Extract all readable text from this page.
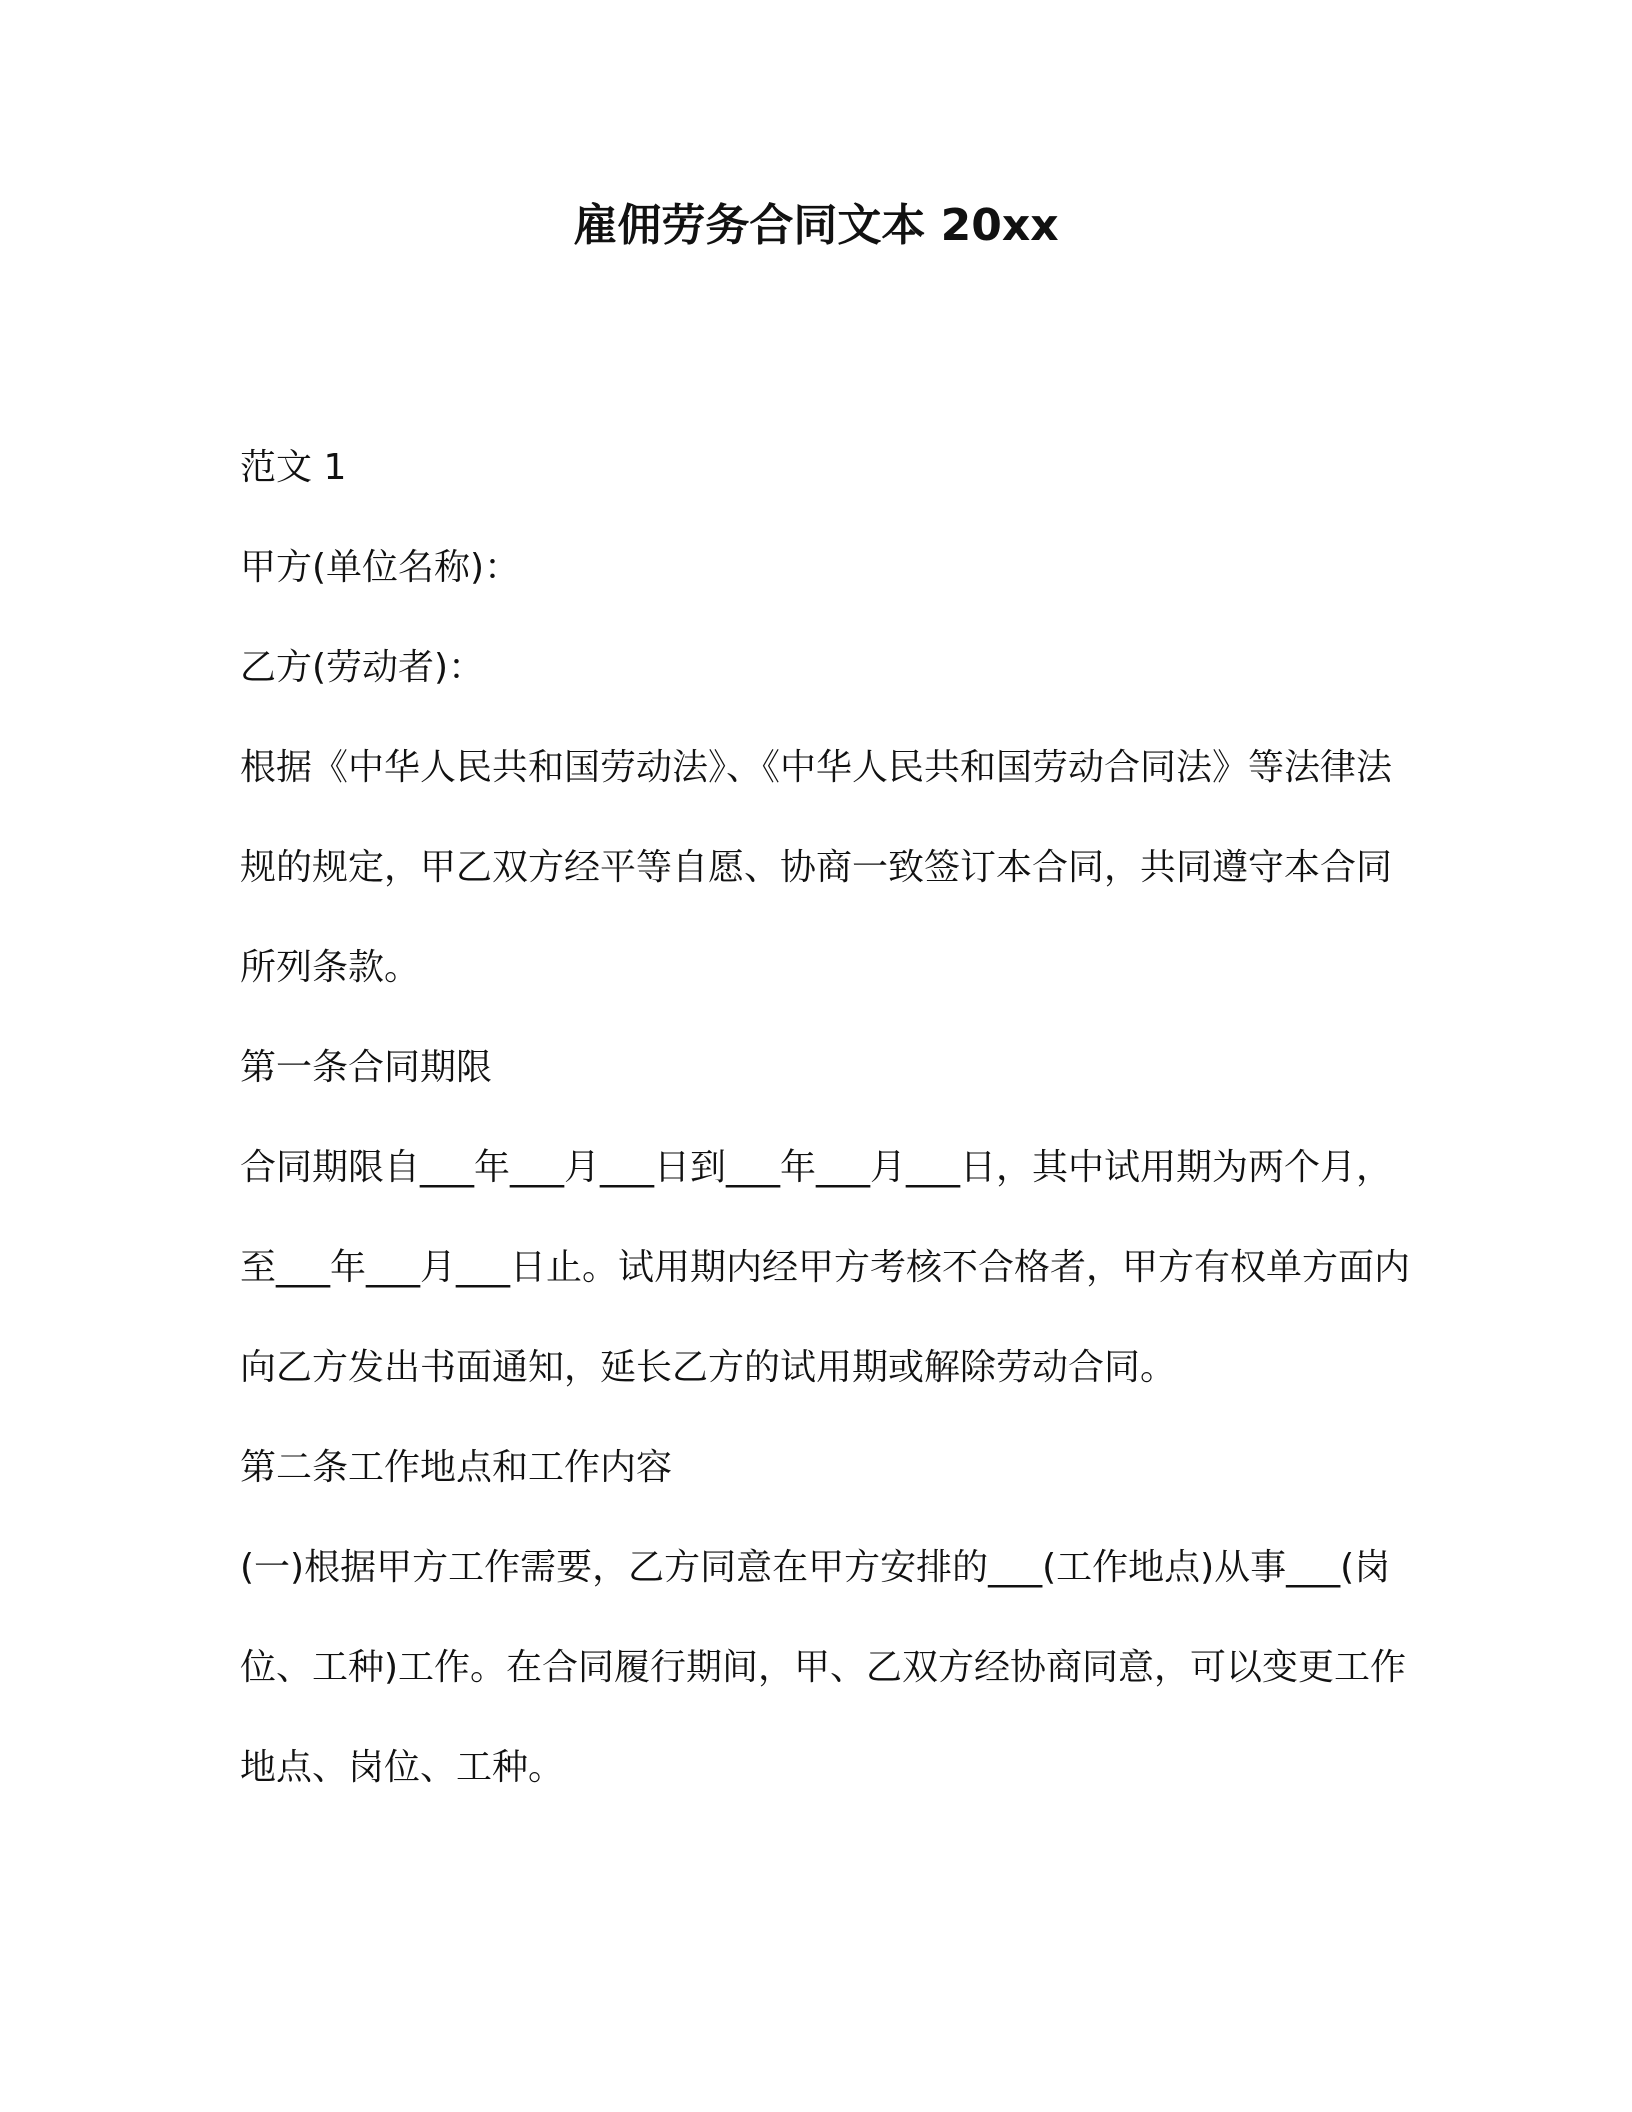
雇佣劳务合同文本 20xx

范文 1

甲方(单位名称)：

乙方(劳动者)：

根据《中华人民共和国劳动法》、《中华人民共和国劳动合同法》等法律法规的规定，甲乙双方经平等自愿、协商一致签订本合同，共同遵守本合同所列条款。

第一条合同期限

合同期限自___年___月___日到___年___月___日，其中试用期为两个月，至___年___月___日止。试用期内经甲方考核不合格者，甲方有权单方面内向乙方发出书面通知，延长乙方的试用期或解除劳动合同。

第二条工作地点和工作内容

(一)根据甲方工作需要，乙方同意在甲方安排的___(工作地点)从事___(岗位、工种)工作。在合同履行期间，甲、乙双方经协商同意，可以变更工作地点、岗位、工种。
